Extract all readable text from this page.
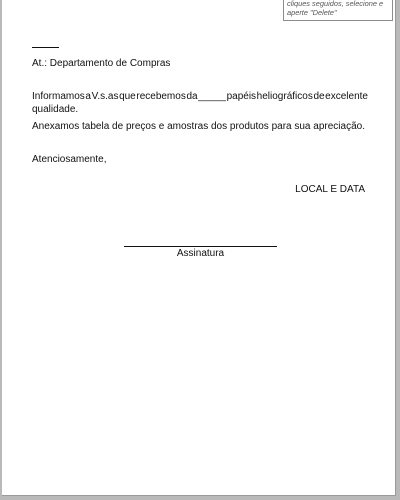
cliques seguidos, selecione e
aperte "Delete"
At.: Departamento de Compras
Informamos a V.s.as que recebemos da _____ papéis heliográficos de excelente
qualidade.
Anexamos tabela de preços e amostras dos produtos para sua apreciação.
Atenciosamente,
LOCAL E DATA
Assinatura
